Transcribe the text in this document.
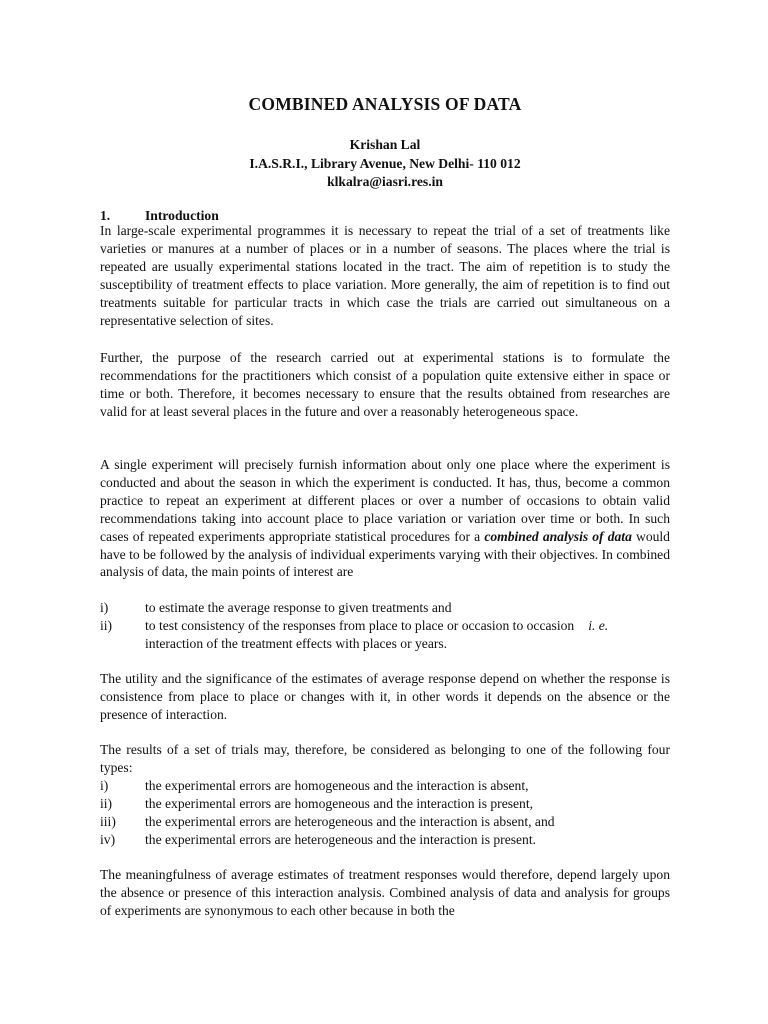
COMBINED ANALYSIS OF DATA
Krishan Lal
I.A.S.R.I., Library Avenue, New Delhi- 110 012
klkalra@iasri.res.in
1.	Introduction

In large-scale experimental programmes it is necessary to repeat the trial of a set of treatments like varieties or manures at a number of places or in a number of seasons. The places where the trial is repeated are usually experimental stations located in the tract. The aim of repetition is to study the susceptibility of treatment effects to place variation. More generally, the aim of repetition is to find out treatments suitable for particular tracts in which case the trials are carried out simultaneous on a representative selection of sites.

Further, the purpose of the research carried out at experimental stations is to formulate the recommendations for the practitioners which consist of a population quite extensive either in space or time or both. Therefore, it becomes necessary to ensure that the results obtained from researches are valid for at least several places in the future and over a reasonably heterogeneous space.

A single experiment will precisely furnish information about only one place where the experiment is conducted and about the season in which the experiment is conducted. It has, thus, become a common practice to repeat an experiment at different places or over a number of occasions to obtain valid recommendations taking into account place to place variation or variation over time or both. In such cases of repeated experiments appropriate statistical procedures for a combined analysis of data would have to be followed by the analysis of individual experiments varying with their objectives. In combined analysis of data, the main points of interest are

i)	to estimate the average response to given treatments and
ii)	to test consistency of the responses from place to place or occasion to occasion i. e.
interaction of the treatment effects with places or years.

The utility and the significance of the estimates of average response depend on whether the response is consistence from place to place or changes with it, in other words it depends on the absence or the presence of interaction.

The results of a set of trials may, therefore, be considered as belonging to one of the following four types:

i)	the experimental errors are homogeneous and the interaction is absent,
ii)	the experimental errors are homogeneous and the interaction is present,
iii)	the experimental errors are heterogeneous and the interaction is absent, and
iv)	the experimental errors are heterogeneous and the interaction is present.

The meaningfulness of average estimates of treatment responses would therefore, depend largely upon the absence or presence of this interaction analysis. Combined analysis of data and analysis for groups of experiments are synonymous to each other because in both the
